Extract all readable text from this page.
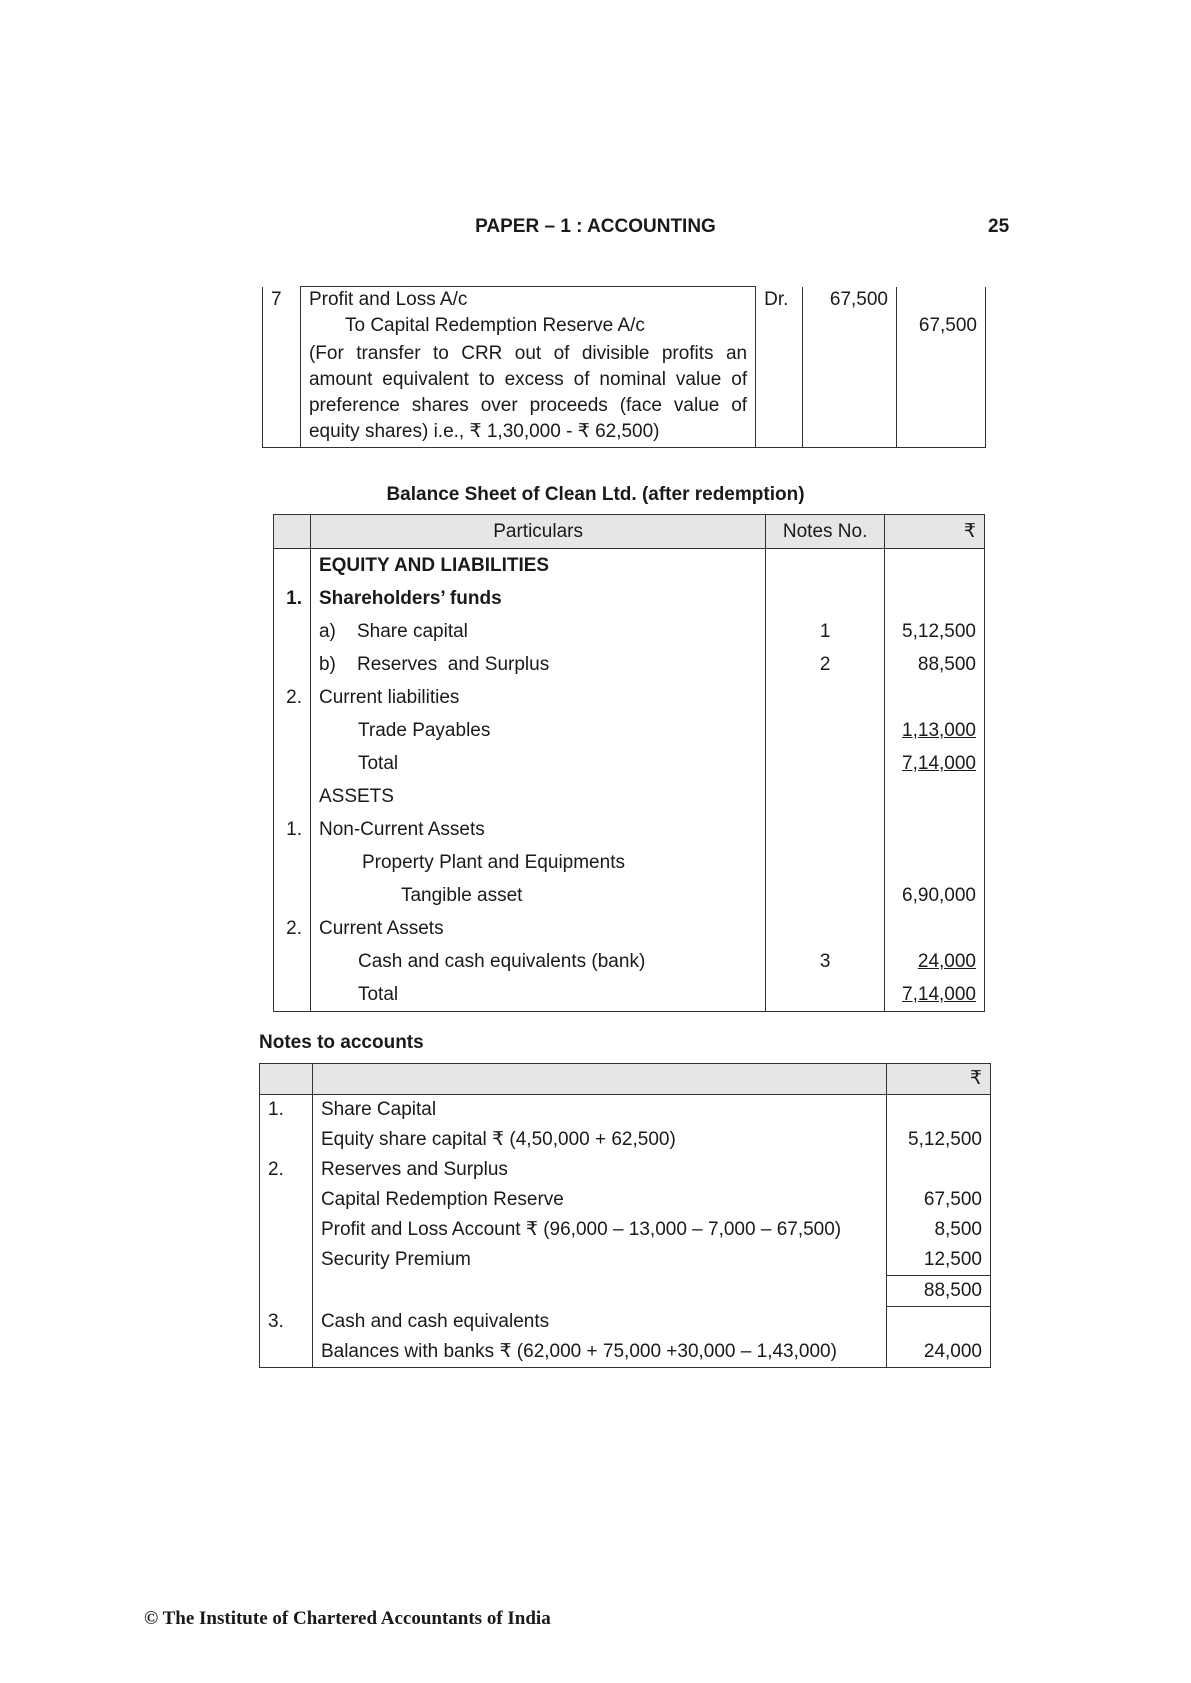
PAPER – 1 : ACCOUNTING	25
7	Profit and Loss A/c	Dr.	67,500	
	To Capital Redemption Reserve A/c			67,500
	(For transfer to CRR out of divisible profits an amount equivalent to excess of nominal value of preference shares over proceeds (face value of equity shares) i.e., ₹ 1,30,000 - ₹ 62,500)			
Balance Sheet of Clean Ltd. (after redemption)
	Particulars	Notes No.	₹
	EQUITY AND LIABILITIES		
1.	Shareholders’ funds		
	a)    Share capital	1	5,12,500
	b)    Reserves  and Surplus	2	88,500
2.	Current liabilities		
	Trade Payables		1,13,000
	Total		7,14,000
	ASSETS		
1.	Non-Current Assets		
	Property Plant and Equipments		
	Tangible asset		6,90,000
2.	Current Assets		
	Cash and cash equivalents (bank)	3	24,000
	Total		7,14,000
Notes to accounts
		₹
1.	Share Capital	
	Equity share capital ₹ (4,50,000 + 62,500)	5,12,500
2.	Reserves and Surplus	
	Capital Redemption Reserve	67,500
	Profit and Loss Account ₹ (96,000 – 13,000 – 7,000 – 67,500)	8,500
	Security Premium	12,500
		88,500
3.	Cash and cash equivalents	
	Balances with banks ₹ (62,000 + 75,000 +30,000 – 1,43,000)	24,000
© The Institute of Chartered Accountants of India
